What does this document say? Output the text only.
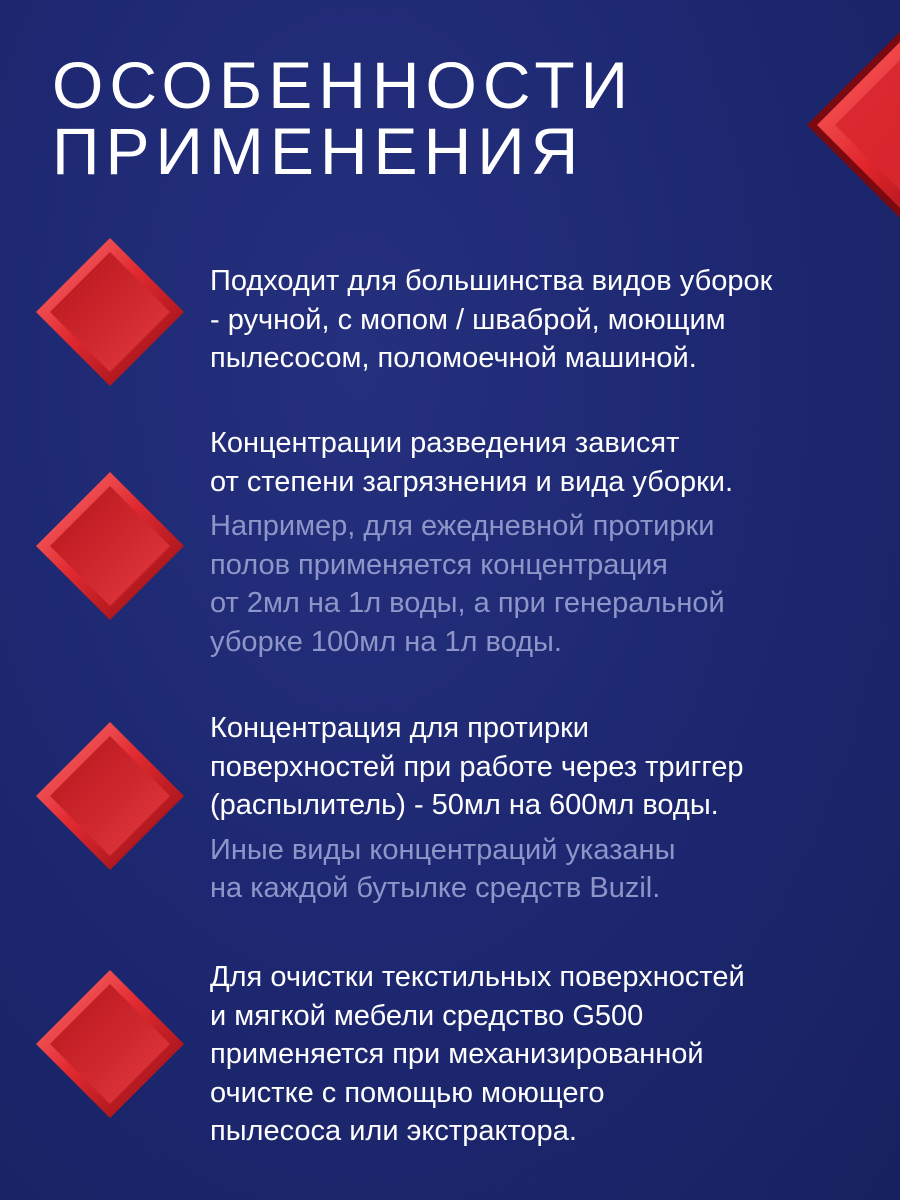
ОСОБЕННОСТИ
ПРИМЕНЕНИЯ
Подходит для большинства видов уборок
- ручной, с мопом / шваброй, моющим
пылесосом, поломоечной машиной.
Концентрации разведения зависят
от степени загрязнения и вида уборки.
Например, для ежедневной протирки
полов применяется концентрация
от 2мл на 1л воды, а при генеральной
уборке 100мл на 1л воды.
Концентрация для протирки
поверхностей при работе через триггер
(распылитель) - 50мл на 600мл воды.
Иные виды концентраций указаны
на каждой бутылке средств Buzil.
Для очистки текстильных поверхностей
и мягкой мебели средство G500
применяется при механизированной
очистке с помощью моющего
пылесоса или экстрактора.
